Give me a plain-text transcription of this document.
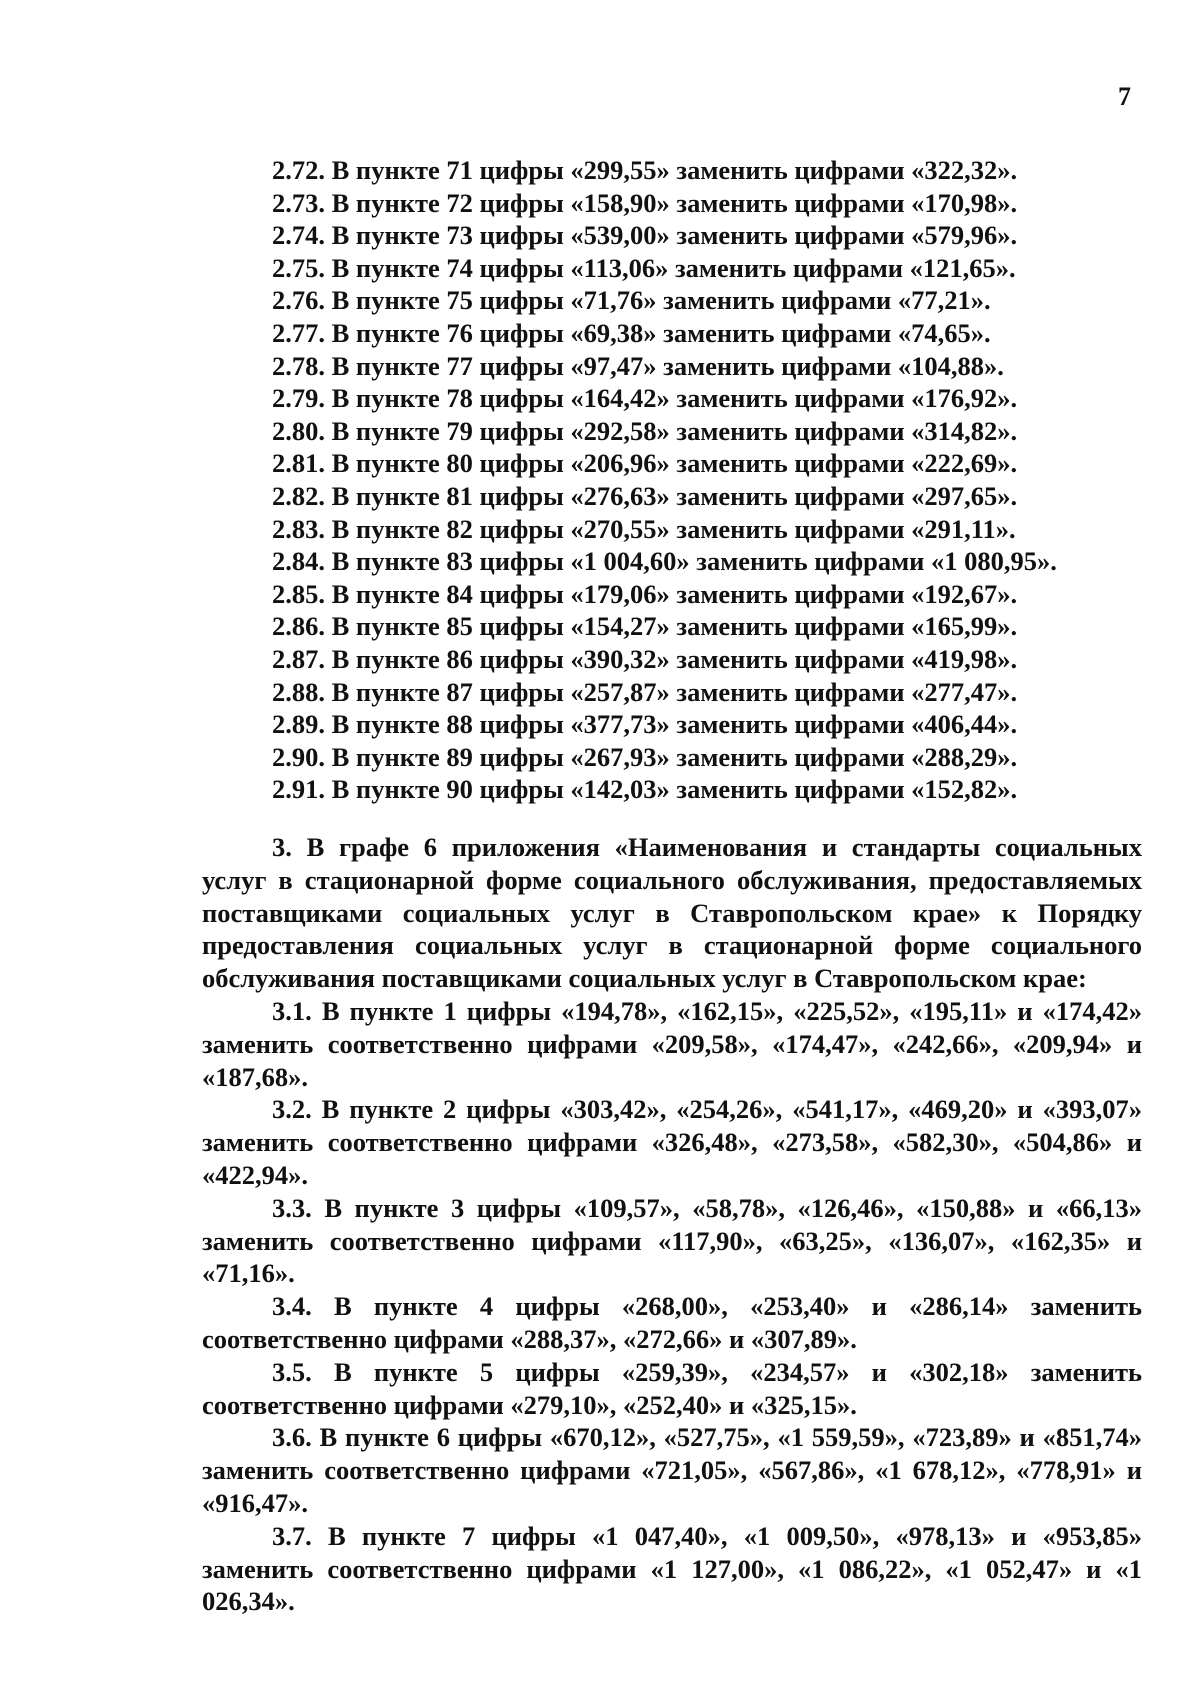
7
2.72. В пункте 71 цифры «299,55» заменить цифрами «322,32».
2.73. В пункте 72 цифры «158,90» заменить цифрами «170,98».
2.74. В пункте 73 цифры «539,00» заменить цифрами «579,96».
2.75. В пункте 74 цифры «113,06» заменить цифрами «121,65».
2.76. В пункте 75 цифры «71,76» заменить цифрами «77,21».
2.77. В пункте 76 цифры «69,38» заменить цифрами «74,65».
2.78. В пункте 77 цифры «97,47» заменить цифрами «104,88».
2.79. В пункте 78 цифры «164,42» заменить цифрами «176,92».
2.80. В пункте 79 цифры «292,58» заменить цифрами «314,82».
2.81. В пункте 80 цифры «206,96» заменить цифрами «222,69».
2.82. В пункте 81 цифры «276,63» заменить цифрами «297,65».
2.83. В пункте 82 цифры «270,55» заменить цифрами «291,11».
2.84. В пункте 83 цифры «1 004,60» заменить цифрами «1 080,95».
2.85. В пункте 84 цифры «179,06» заменить цифрами «192,67».
2.86. В пункте 85 цифры «154,27» заменить цифрами «165,99».
2.87. В пункте 86 цифры «390,32» заменить цифрами «419,98».
2.88. В пункте 87 цифры «257,87» заменить цифрами «277,47».
2.89. В пункте 88 цифры «377,73» заменить цифрами «406,44».
2.90. В пункте 89 цифры «267,93» заменить цифрами «288,29».
2.91. В пункте 90 цифры «142,03» заменить цифрами «152,82».

3. В графе 6 приложения «Наименования и стандарты социальных услуг в стационарной форме социального обслуживания, предоставляемых поставщиками социальных услуг в Ставропольском крае» к Порядку предоставления социальных услуг в стационарной форме социального обслуживания поставщиками социальных услуг в Ставропольском крае:

3.1. В пункте 1 цифры «194,78», «162,15», «225,52», «195,11» и «174,42» заменить соответственно цифрами «209,58», «174,47», «242,66», «209,94» и «187,68».

3.2. В пункте 2 цифры «303,42», «254,26», «541,17», «469,20» и «393,07» заменить соответственно цифрами «326,48», «273,58», «582,30», «504,86» и «422,94».

3.3. В пункте 3 цифры «109,57», «58,78», «126,46», «150,88» и «66,13» заменить соответственно цифрами «117,90», «63,25», «136,07», «162,35» и «71,16».

3.4. В пункте 4 цифры «268,00», «253,40» и «286,14» заменить соответственно цифрами «288,37», «272,66» и «307,89».

3.5. В пункте 5 цифры «259,39», «234,57» и «302,18» заменить соответственно цифрами «279,10», «252,40» и «325,15».

3.6. В пункте 6 цифры «670,12», «527,75», «1 559,59», «723,89» и «851,74» заменить соответственно цифрами «721,05», «567,86», «1 678,12», «778,91» и «916,47».

3.7. В пункте 7 цифры «1 047,40», «1 009,50», «978,13» и «953,85» заменить соответственно цифрами «1 127,00», «1 086,22», «1 052,47» и «1 026,34».
